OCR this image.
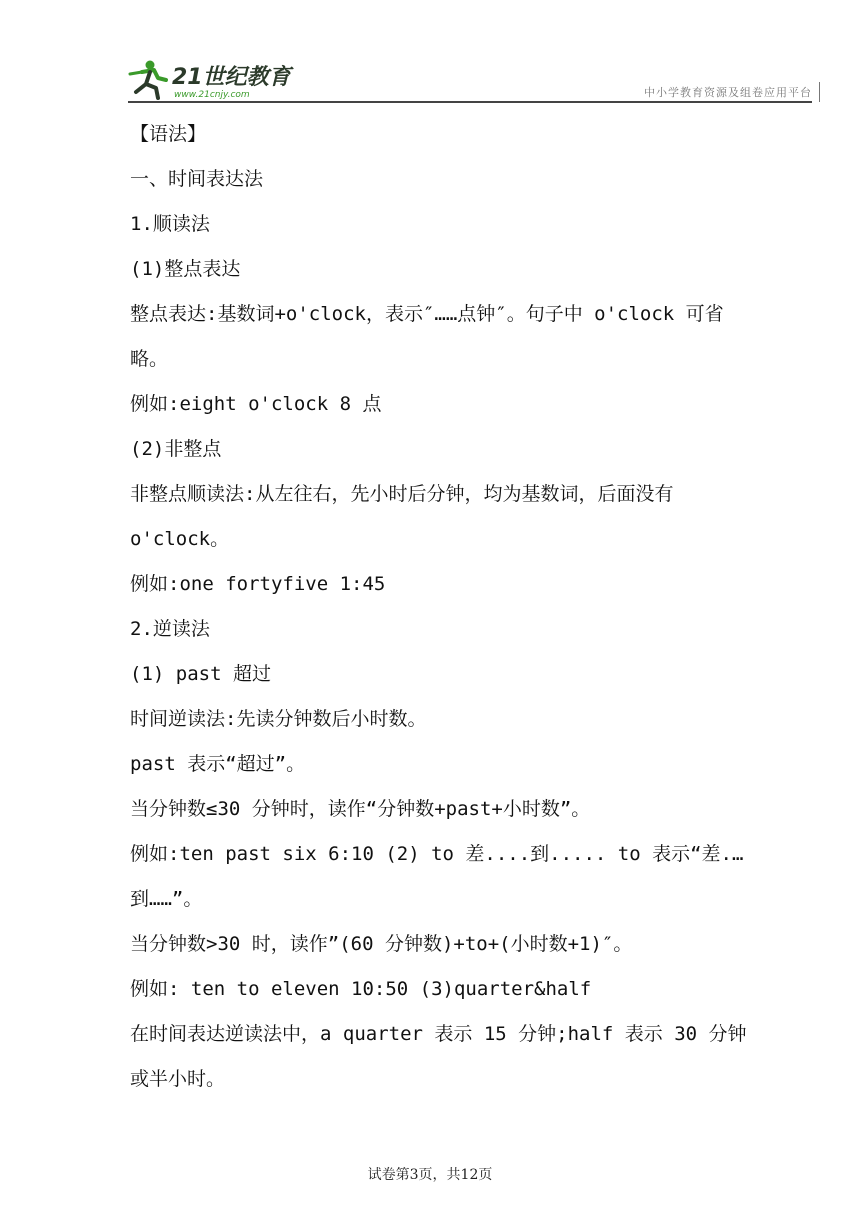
21世纪教育
www.21cnjy.com	中小学教育资源及组卷应用平台
【语法】
一、时间表达法
1.顺读法
(1)整点表达
整点表达:基数词+o'clock，表示″……点钟″。句子中 o'clock 可省
略。
例如:eight o'clock 8 点
(2)非整点
非整点顺读法:从左往右，先小时后分钟，均为基数词，后面没有
o'clock。
例如:one fortyfive 1:45
2.逆读法
(1) past 超过
时间逆读法:先读分钟数后小时数。
past 表示“超过”。
当分钟数≤30 分钟时，读作“分钟数+past+小时数”。
例如:ten past six 6:10 (2) to 差....到..... to 表示“差.…
到……”。
当分钟数>30 时，读作”(60 分钟数)+to+(小时数+1)″。
例如: ten to eleven 10:50 (3)quarter&half
在时间表达逆读法中，a quarter 表示 15 分钟;half 表示 30 分钟
或半小时。
试卷第3页，共12页
